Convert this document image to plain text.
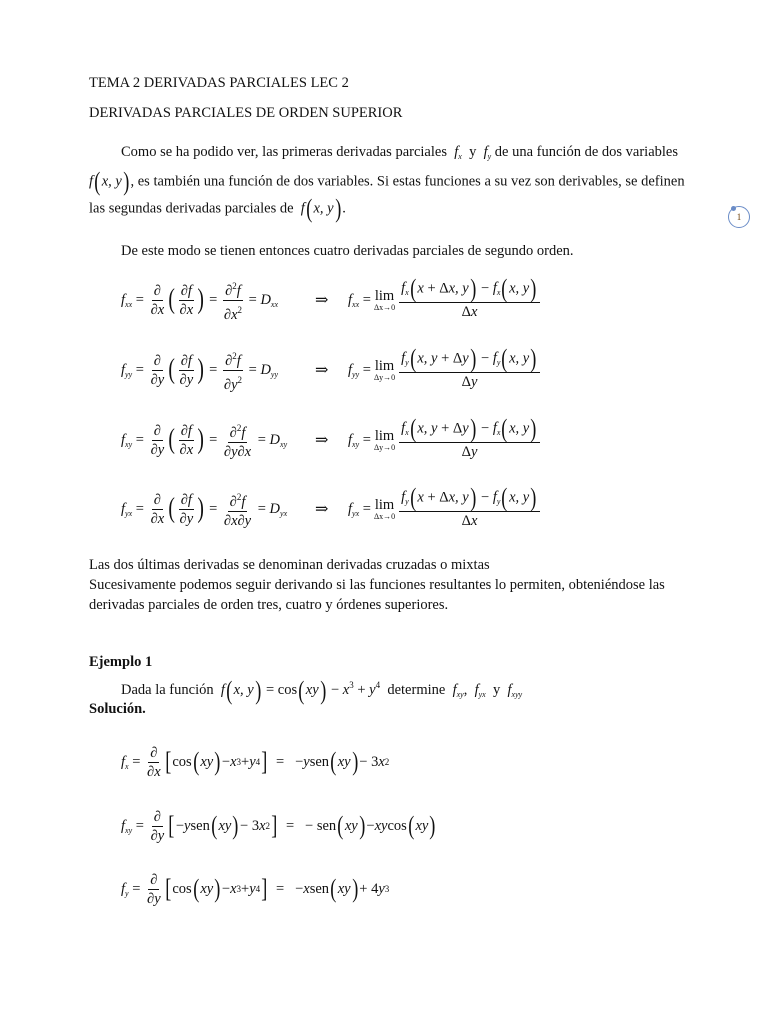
TEMA 2 DERIVADAS PARCIALES LEC 2
DERIVADAS PARCIALES DE ORDEN SUPERIOR
Como se ha podido ver, las primeras derivadas parciales $f_x$ y $f_y$ de una función de dos variables
f(x, y), es también una función de dos variables. Si estas funciones a su vez son derivables, se definen
las segundas derivadas parciales de f(x, y).
1
De este modo se tienen entonces cuatro derivadas parciales de segundo orden.
$f_{xx} = \frac{\partial}{\partial x}$ ( $\frac{\partial f}{\partial x}$ ) = $\frac{\partial^2f}{\partial x^2} = D_{xx}$ ⇒ $f_{xx} = \lim$
$\Delta x\to 0 \frac{f_x(x + \Delta x, y) - f_x(x, y)}{\Delta x}$
$f_{yy} = \frac{\partial}{\partial y}$ ( $\frac{\partial f}{\partial y}$ ) = $\frac{\partial^2f}{\partial y^2} = D_{yy}$ ⇒ $f_{yy} = \lim$
$\Delta y\to 0 \frac{f_y(x, y + \Delta y) - f_y(x, y)}{\Delta y}$
$f_{xy} = \frac{\partial}{\partial y}$ ( $\frac{\partial f}{\partial x}$ ) = $\frac{\partial^2f}{\partial y\partial x} = D_{xy}$ ⇒ $f_{xy} = \lim$
$\Delta y\to 0 \frac{f_x(x, y + \Delta y) - f_x(x, y)}{\Delta y}$
$f_{yx} = \frac{\partial}{\partial x}$ ( $\frac{\partial f}{\partial y}$ ) = $\frac{\partial^2f}{\partial x\partial y} = D_{yx}$ ⇒ $f_{yx} = \lim$
$\Delta x\to 0 \frac{f_y(x + \Delta x, y) - f_y(x, y)}{\Delta x}$
Las dos últimas derivadas se denominan derivadas cruzadas o mixtas
Sucesivamente podemos seguir derivando si las funciones resultantes lo permiten, obteniéndose las
derivadas parciales de orden tres, cuatro y órdenes superiores.
Ejemplo 1
Dada la función f(x, $y) = \cos(xy) - x^3 + y^4$ determine $f_{xy}$,  $f_{yx}$ y $f_{xyy}$
Solución.
$f_x = \frac{\partial}{\partial x}$ [ cos ( xy ) − x 3 + y 4 ] =   − y sen ( xy ) − 3 x 2
$f_{xy} = \frac{\partial}{\partial y}$ [ − y sen ( xy ) − 3 x 2 ] =   − sen ( xy ) − xy cos ( xy )
$f_y = \frac{\partial}{\partial y}$ [ cos ( xy ) − x 3 + y 4 ] =   − x sen ( xy ) + 4 y 3
